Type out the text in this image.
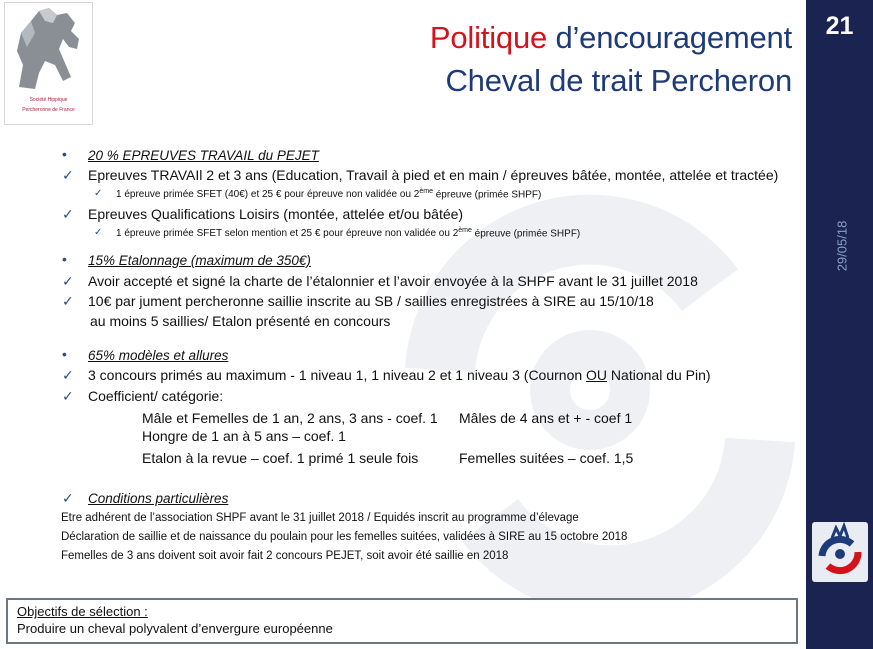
Société Hippique
Percheronne de France
Politique d’encouragement
Cheval de trait Percheron
21
29/05/18
• 20 % EPREUVES TRAVAIL du PEJET
✓ Epreuves TRAVAIl 2 et 3 ans (Education, Travail à pied et en main / épreuves bâtée, montée, attelée et tractée)
✓ 1 épreuve primée SFET (40€) et 25 € pour épreuve non validée ou 2ème épreuve (primée SHPF)
✓ Epreuves Qualifications Loisirs (montée, attelée et/ou bâtée)
✓ 1 épreuve primée SFET selon mention et 25 € pour épreuve non validée ou 2ème épreuve (primée SHPF)
• 15% Etalonnage (maximum de 350€)
✓ Avoir accepté et signé la charte de l’étalonnier et l’avoir envoyée à la SHPF avant le 31 juillet 2018
✓ 10€ par jument percheronne saillie inscrite au SB / saillies enregistrées à SIRE au 15/10/18
au moins 5 saillies/ Etalon présenté en concours
• 65% modèles et allures
✓ 3 concours primés au maximum - 1 niveau 1, 1 niveau 2 et 1 niveau 3 (Cournon OU National du Pin)
✓ Coefficient/ catégorie:
Mâle et Femelles de 1 an, 2 ans, 3 ans - coef. 1 Mâles de 4 ans et + - coef 1
Hongre de 1 an à 5 ans – coef. 1
Etalon à la revue – coef. 1 primé 1 seule fois	Femelles suitées – coef. 1,5
✓ Conditions particulières
Etre adhérent de l’association SHPF avant le 31 juillet 2018 / Equidés inscrit au programme d’élevage
Déclaration de saillie et de naissance du poulain pour les femelles suitées, validées à SIRE au 15 octobre 2018
Femelles de 3 ans doivent soit avoir fait 2 concours PEJET, soit avoir été saillie en 2018
Objectifs de sélection :
Produire un cheval polyvalent d’envergure européenne
